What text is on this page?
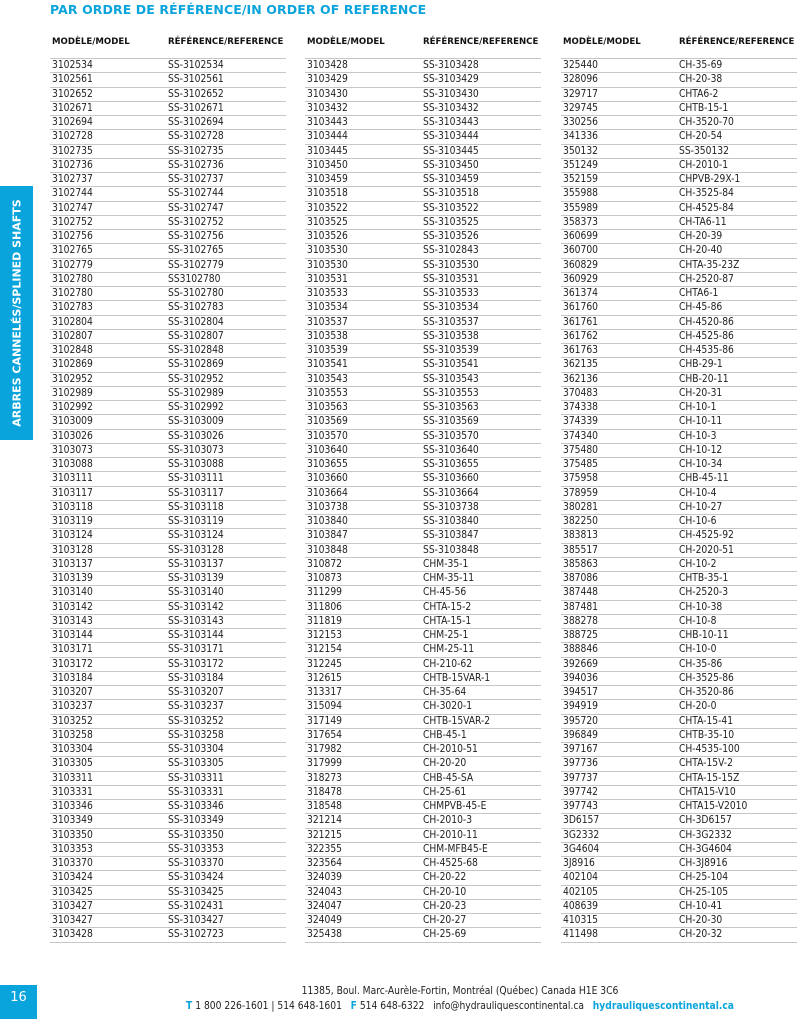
PAR ORDRE DE RÉFÉRENCE/IN ORDER OF REFERENCE
ARBRES CANNELÉS/SPLINED SHAFTS
MODÈLE/MODEL	RÉFÉRENCE/REFERENCE
3102534	SS-3102534
3102561	SS-3102561
3102652	SS-3102652
3102671	SS-3102671
3102694	SS-3102694
3102728	SS-3102728
3102735	SS-3102735
3102736	SS-3102736
3102737	SS-3102737
3102744	SS-3102744
3102747	SS-3102747
3102752	SS-3102752
3102756	SS-3102756
3102765	SS-3102765
3102779	SS-3102779
3102780	SS3102780
3102780	SS-3102780
3102783	SS-3102783
3102804	SS-3102804
3102807	SS-3102807
3102848	SS-3102848
3102869	SS-3102869
3102952	SS-3102952
3102989	SS-3102989
3102992	SS-3102992
3103009	SS-3103009
3103026	SS-3103026
3103073	SS-3103073
3103088	SS-3103088
3103111	SS-3103111
3103117	SS-3103117
3103118	SS-3103118
3103119	SS-3103119
3103124	SS-3103124
3103128	SS-3103128
3103137	SS-3103137
3103139	SS-3103139
3103140	SS-3103140
3103142	SS-3103142
3103143	SS-3103143
3103144	SS-3103144
3103171	SS-3103171
3103172	SS-3103172
3103184	SS-3103184
3103207	SS-3103207
3103237	SS-3103237
3103252	SS-3103252
3103258	SS-3103258
3103304	SS-3103304
3103305	SS-3103305
3103311	SS-3103311
3103331	SS-3103331
3103346	SS-3103346
3103349	SS-3103349
3103350	SS-3103350
3103353	SS-3103353
3103370	SS-3103370
3103424	SS-3103424
3103425	SS-3103425
3103427	SS-3102431
3103427	SS-3103427
3103428	SS-3102723
MODÈLE/MODEL	RÉFÉRENCE/REFERENCE
3103428	SS-3103428
3103429	SS-3103429
3103430	SS-3103430
3103432	SS-3103432
3103443	SS-3103443
3103444	SS-3103444
3103445	SS-3103445
3103450	SS-3103450
3103459	SS-3103459
3103518	SS-3103518
3103522	SS-3103522
3103525	SS-3103525
3103526	SS-3103526
3103530	SS-3102843
3103530	SS-3103530
3103531	SS-3103531
3103533	SS-3103533
3103534	SS-3103534
3103537	SS-3103537
3103538	SS-3103538
3103539	SS-3103539
3103541	SS-3103541
3103543	SS-3103543
3103553	SS-3103553
3103563	SS-3103563
3103569	SS-3103569
3103570	SS-3103570
3103640	SS-3103640
3103655	SS-3103655
3103660	SS-3103660
3103664	SS-3103664
3103738	SS-3103738
3103840	SS-3103840
3103847	SS-3103847
3103848	SS-3103848
310872	CHM-35-1
310873	CHM-35-11
311299	CH-45-56
311806	CHTA-15-2
311819	CHTA-15-1
312153	CHM-25-1
312154	CHM-25-11
312245	CH-210-62
312615	CHTB-15VAR-1
313317	CH-35-64
315094	CH-3020-1
317149	CHTB-15VAR-2
317654	CHB-45-1
317982	CH-2010-51
317999	CH-20-20
318273	CHB-45-SA
318478	CH-25-61
318548	CHMPVB-45-E
321214	CH-2010-3
321215	CH-2010-11
322355	CHM-MFB45-E
323564	CH-4525-68
324039	CH-20-22
324043	CH-20-10
324047	CH-20-23
324049	CH-20-27
325438	CH-25-69
MODÈLE/MODEL	RÉFÉRENCE/REFERENCE
325440	CH-35-69
328096	CH-20-38
329717	CHTA6-2
329745	CHTB-15-1
330256	CH-3520-70
341336	CH-20-54
350132	SS-350132
351249	CH-2010-1
352159	CHPVB-29X-1
355988	CH-3525-84
355989	CH-4525-84
358373	CH-TA6-11
360699	CH-20-39
360700	CH-20-40
360829	CHTA-35-23Z
360929	CH-2520-87
361374	CHTA6-1
361760	CH-45-86
361761	CH-4520-86
361762	CH-4525-86
361763	CH-4535-86
362135	CHB-29-1
362136	CHB-20-11
370483	CH-20-31
374338	CH-10-1
374339	CH-10-11
374340	CH-10-3
375480	CH-10-12
375485	CH-10-34
375958	CHB-45-11
378959	CH-10-4
380281	CH-10-27
382250	CH-10-6
383813	CH-4525-92
385517	CH-2020-51
385863	CH-10-2
387086	CHTB-35-1
387448	CH-2520-3
387481	CH-10-38
388278	CH-10-8
388725	CHB-10-11
388846	CH-10-0
392669	CH-35-86
394036	CH-3525-86
394517	CH-3520-86
394919	CH-20-0
395720	CHTA-15-41
396849	CHTB-35-10
397167	CH-4535-100
397736	CHTA-15V-2
397737	CHTA-15-15Z
397742	CHTA15-V10
397743	CHTA15-V2010
3D6157	CH-3D6157
3G2332	CH-3G2332
3G4604	CH-3G4604
3J8916	CH-3J8916
402104	CH-25-104
402105	CH-25-105
408639	CH-10-41
410315	CH-20-30
411498	CH-20-32
16	11385, Boul. Marc-Aurèle-Fortin, Montréal (Québec) Canada H1E 3C6
T 1 800 226-1601 | 514 648-1601 F 514 648-6322 info@hydrauliquescontinental.ca hydrauliquescontinental.ca
